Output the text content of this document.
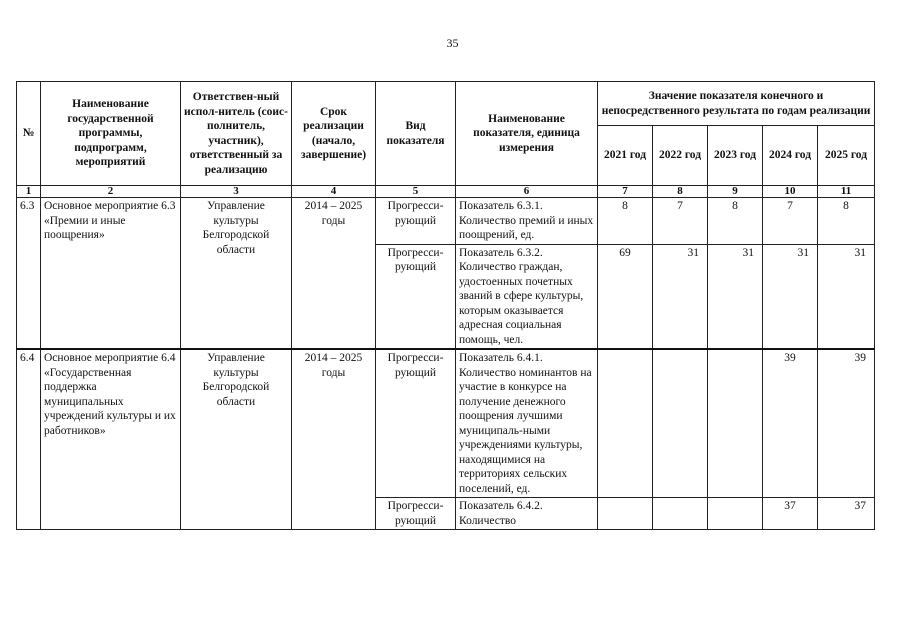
35
№	Наименование государственной программы, подпрограмм, мероприятий	Ответствен-ный испол-нитель (соис-полнитель, участник), ответственный за реализацию	Срок реализации (начало, завершение)	Вид показателя	Наименование показателя, единица измерения	Значение показателя конечного и непосредственного результата по годам реализации				
						2021 год	2022 год	2023 год	2024 год	2025 год
1	2	3	4	5	6	7	8	9	10	11
6.3	Основное мероприятие 6.3 «Премии и иные поощрения»	Управление культуры Белгородской области	2014 – 2025 годы	Прогресси-рующий	Показатель 6.3.1. Количество премий и иных поощрений, ед.	8	7	8	7	8
				Прогресси-рующий	Показатель 6.3.2. Количество граждан, удостоенных почетных званий в сфере культуры, которым оказывается адресная социальная помощь, чел.	69	31	31	31	31
6.4	Основное мероприятие 6.4 «Государственная поддержка муниципальных учреждений культуры и их работников»	Управление культуры Белгородской области	2014 – 2025 годы	Прогресси-рующий	Показатель 6.4.1. Количество номинантов на участие в конкурсе на получение денежного поощрения лучшими муниципаль-ными учреждениями культуры, находящимися на территориях сельских поселений, ед.				39	39
				Прогресси-рующий	Показатель 6.4.2. Количество				37	37
